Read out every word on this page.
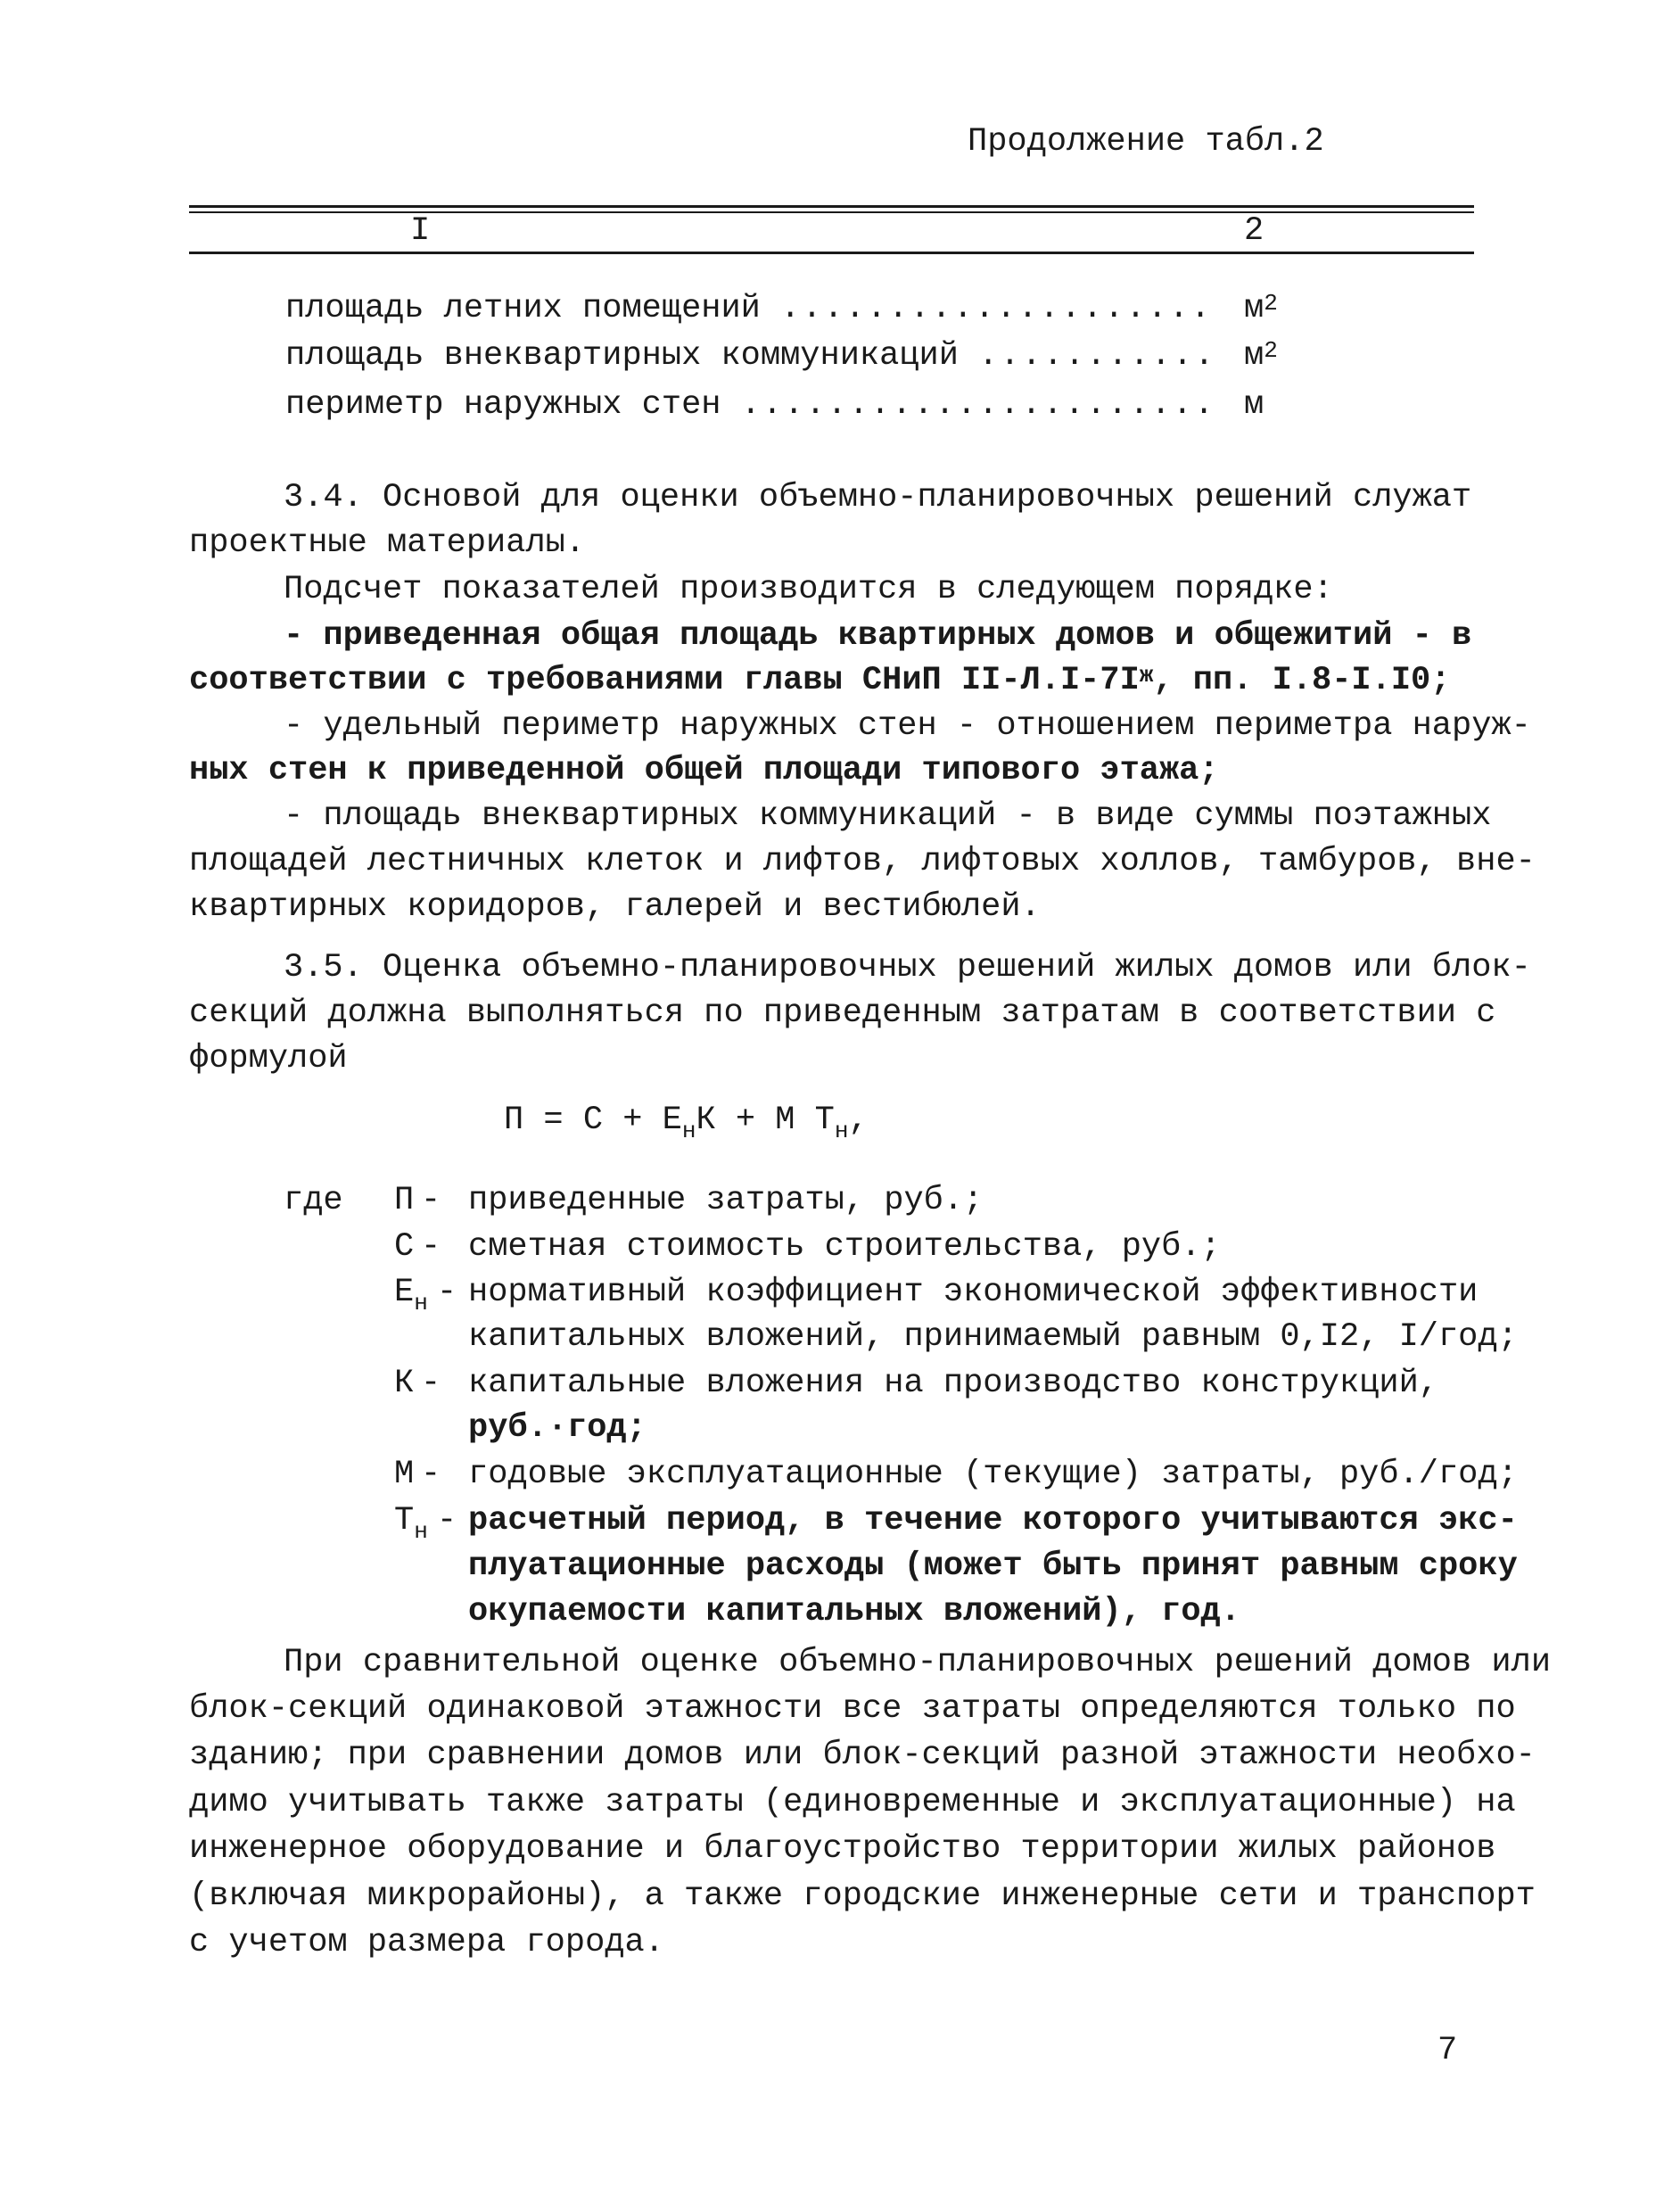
Продолжение табл.2
I	2
площадь летних помещений .................... $м^2$
площадь внеквартирных коммуникаций ........... $м^2$
периметр наружных стен ...................... м
3.4. Основой для оценки объемно-планировочных решений служат
проектные материалы.
Подсчет показателей производится в следующем порядке:
- приведенная общая площадь квартирных домов и общежитий - в
соответствии с требованиями главы СНиП $II-Л.I-7I^ж$, пп. I.8-I.I0;
- удельный периметр наружных стен - отношением периметра наруж-
ных стен к приведенной общей площади типового этажа;
- площадь внеквартирных коммуникаций - в виде суммы поэтажных
площадей лестничных клеток и лифтов, лифтовых холлов, тамбуров, вне-
квартирных коридоров, галерей и вестибюлей.
3.5. Оценка объемно-планировочных решений жилых домов или блок-
секций должна выполняться по приведенным затратам в соответствии с
формулой
$П = С + Е_нК + М$ $Т_н$,
где П - приведенные затраты, руб.;
С - сметная стоимость строительства, руб.;
$Е_н$ - нормативный коэффициент экономической эффективности
капитальных вложений, принимаемый равным 0,I2, I/год;
К - капитальные вложения на производство конструкций,
руб.·год;
М - годовые эксплуатационные (текущие) затраты, руб./год;
$Т_н$ - расчетный период, в течение которого учитываются экс-
плуатационные расходы (может быть принят равным сроку
окупаемости капитальных вложений), год.
При сравнительной оценке объемно-планировочных решений домов или
блок-секций одинаковой этажности все затраты определяются только по
зданию; при сравнении домов или блок-секций разной этажности необхо-
димо учитывать также затраты (единовременные и эксплуатационные) на
инженерное оборудование и благоустройство территории жилых районов
(включая микрорайоны), а также городские инженерные сети и транспорт
с учетом размера города.
7
